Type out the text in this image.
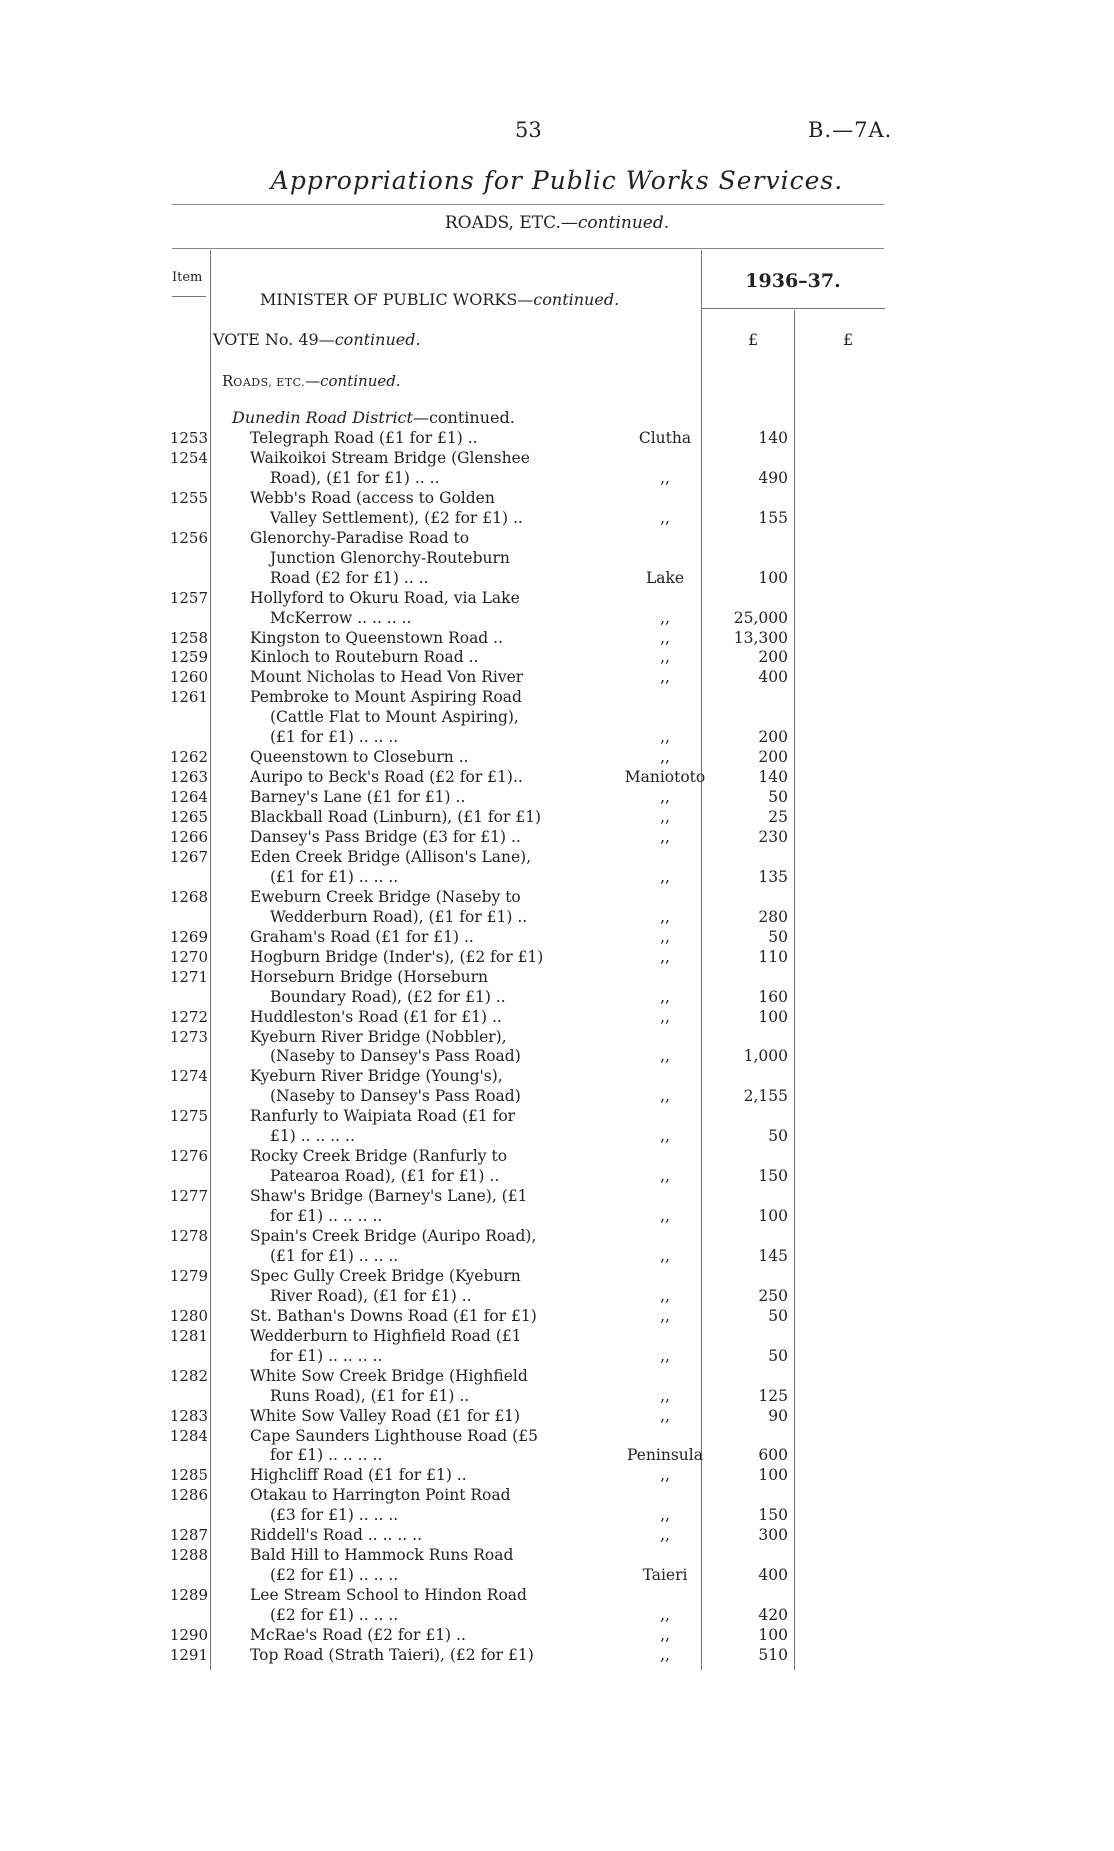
53	B.—7A.
Appropriations for Public Works Services.
ROADS, ETC.—continued.
Item
MINISTER OF PUBLIC WORKS—continued.
1936–37.
VOTE No. 49—continued.	£	£
ROADS, ETC.—continued.
Dunedin Road District—continued.
1253	Telegraph Road (£1 for £1) ..	Clutha	140
1254	Waikoikoi Stream Bridge (Glenshee
Road), (£1 for £1) .. ..	,,	490
1255	Webb's Road (access to Golden
Valley Settlement), (£2 for £1) ..	,,	155
1256	Glenorchy-Paradise Road to
Junction Glenorchy-Routeburn
Road (£2 for £1) .. ..	Lake	100
1257	Hollyford to Okuru Road, via Lake
McKerrow .. .. .. ..	,,	25,000
1258	Kingston to Queenstown Road ..	,,	13,300
1259	Kinloch to Routeburn Road ..	,,	200
1260	Mount Nicholas to Head Von River	,,	400
1261	Pembroke to Mount Aspiring Road
(Cattle Flat to Mount Aspiring),
(£1 for £1) .. .. ..	,,	200
1262	Queenstown to Closeburn ..	,,	200
1263	Auripo to Beck's Road (£2 for £1)..	Maniototo	140
1264	Barney's Lane (£1 for £1) ..	,,	50
1265	Blackball Road (Linburn), (£1 for £1)	,,	25
1266	Dansey's Pass Bridge (£3 for £1) ..	,,	230
1267	Eden Creek Bridge (Allison's Lane),
(£1 for £1) .. .. ..	,,	135
1268	Eweburn Creek Bridge (Naseby to
Wedderburn Road), (£1 for £1) ..	,,	280
1269	Graham's Road (£1 for £1) ..	,,	50
1270	Hogburn Bridge (Inder's), (£2 for £1)	,,	110
1271	Horseburn Bridge (Horseburn
Boundary Road), (£2 for £1) ..	,,	160
1272	Huddleston's Road (£1 for £1) ..	,,	100
1273	Kyeburn River Bridge (Nobbler),
(Naseby to Dansey's Pass Road)	,,	1,000
1274	Kyeburn River Bridge (Young's),
(Naseby to Dansey's Pass Road)	,,	2,155
1275	Ranfurly to Waipiata Road (£1 for
£1) .. .. .. ..	,,	50
1276	Rocky Creek Bridge (Ranfurly to
Patearoa Road), (£1 for £1) ..	,,	150
1277	Shaw's Bridge (Barney's Lane), (£1
for £1) .. .. .. ..	,,	100
1278	Spain's Creek Bridge (Auripo Road),
(£1 for £1) .. .. ..	,,	145
1279	Spec Gully Creek Bridge (Kyeburn
River Road), (£1 for £1) ..	,,	250
1280	St. Bathan's Downs Road (£1 for £1)	,,	50
1281	Wedderburn to Highfield Road (£1
for £1) .. .. .. ..	,,	50
1282	White Sow Creek Bridge (Highfield
Runs Road), (£1 for £1) ..	,,	125
1283	White Sow Valley Road (£1 for £1)	,,	90
1284	Cape Saunders Lighthouse Road (£5
for £1) .. .. .. ..	Peninsula	600
1285	Highcliff Road (£1 for £1) ..	,,	100
1286	Otakau to Harrington Point Road
(£3 for £1) .. .. ..	,,	150
1287	Riddell's Road .. .. .. ..	,,	300
1288	Bald Hill to Hammock Runs Road
(£2 for £1) .. .. ..	Taieri	400
1289	Lee Stream School to Hindon Road
(£2 for £1) .. .. ..	,,	420
1290	McRae's Road (£2 for £1) ..	,,	100
1291	Top Road (Strath Taieri), (£2 for £1)	,,	510
